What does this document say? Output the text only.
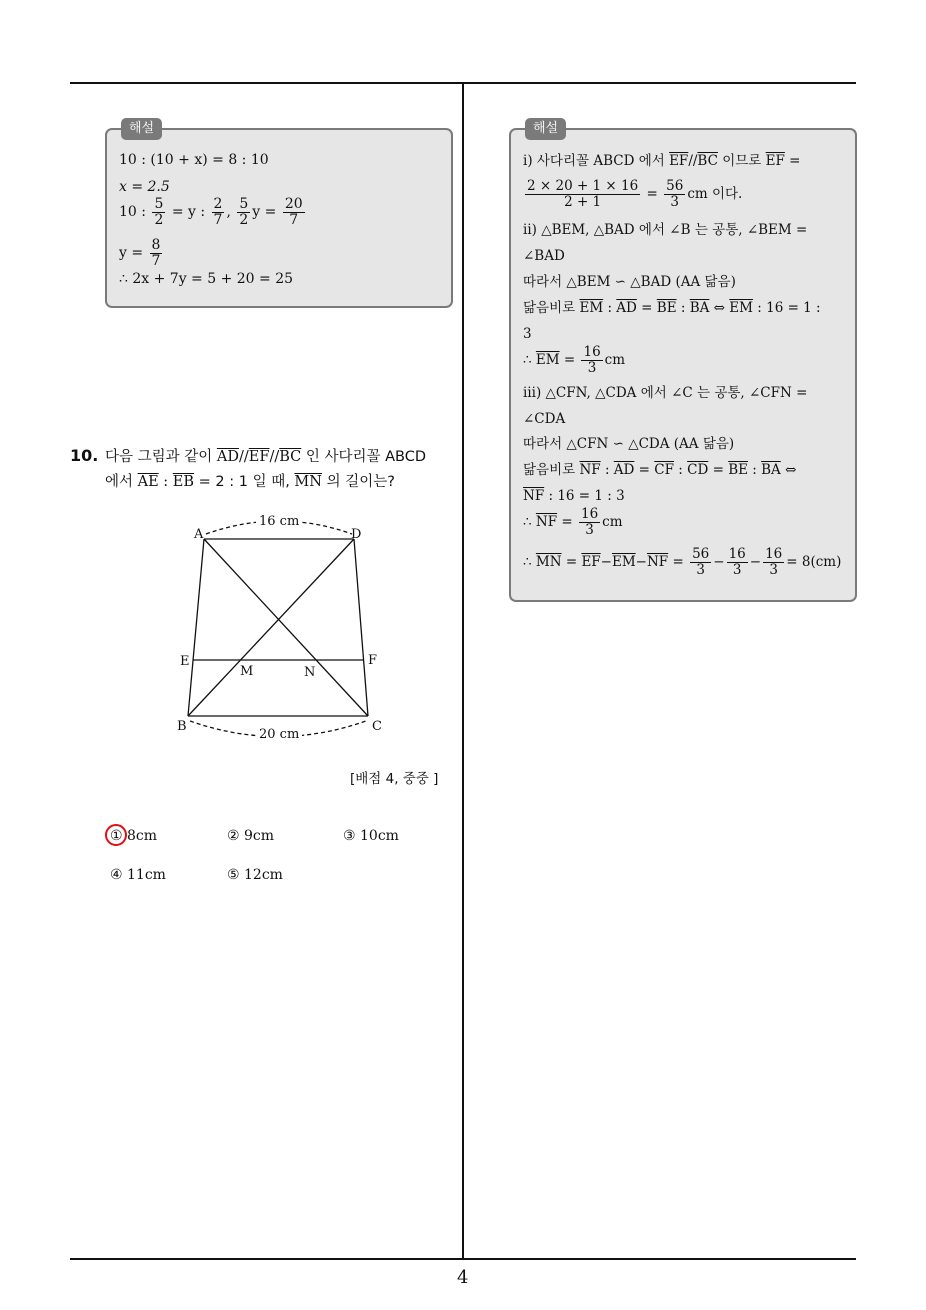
해설
10 : (10 + x) = 8 : 10
x = 2.5
10 : $\frac{5}{2} = y$ : $\frac{2}{7}$ , $\frac{5}{2}$ $y = \frac{20}{7}$
$y = \frac{8}{7}$
∴ 2x + 7y = 5 + 20 = 25
10. 다음 그림과 같이 $\overline{AD}//\overline{EF}//\overline{BC}$ 인 사다리꼴 ABCD
에서 $\overline{AE}$ : $\overline{EB} = 2$ : 1 일 때, $\overline{MN}$ 의 길이는?
A	D
E	F
M	N
B	C
16 cm
20 cm
[배점 4, 중중 ]
① 8cm	② 9cm	③ 10cm
④ 11cm	⑤ 12cm
해설
ⅰ) 사다리꼴 ABCD 에서 $\overline{EF}//\overline{BC}$ 이므로 $\overline{EF}$ =
$\frac{2 \times 20 + 1 \times 16}{2 + 1} = \frac{56}{3}$ cm 이다.
ⅱ) △BEM, △BAD 에서 ∠B 는 공통, ∠BEM =
∠BAD
따라서 △BEM ∽ △BAD (AA 닮음)
닮음비로 $\overline{EM}$ : $\overline{AD} = \overline{BE}$ : $\overline{BA}$ ⇔ $\overline{EM}$ : 16 = 1 :
3
∴ $\overline{EM} = \frac{16}{3}$ cm
ⅲ) △CFN, △CDA 에서 ∠C 는 공통, ∠CFN =
∠CDA
따라서 △CFN ∽ △CDA (AA 닮음)
닮음비로 $\overline{NF}$ : $\overline{AD} = \overline{CF}$ : $\overline{CD} = \overline{BE}$ : $\overline{BA}$ ⇔
$\overline{NF}$ : 16 = 1 : 3
∴ $\overline{NF} = \frac{16}{3}$ cm
∴ $\overline{MN} = \overline{EF}-\overline{EM}-\overline{NF} = \frac{56}{3} - \frac{16}{3} - \frac{16}{3} = 8(cm)$
4
